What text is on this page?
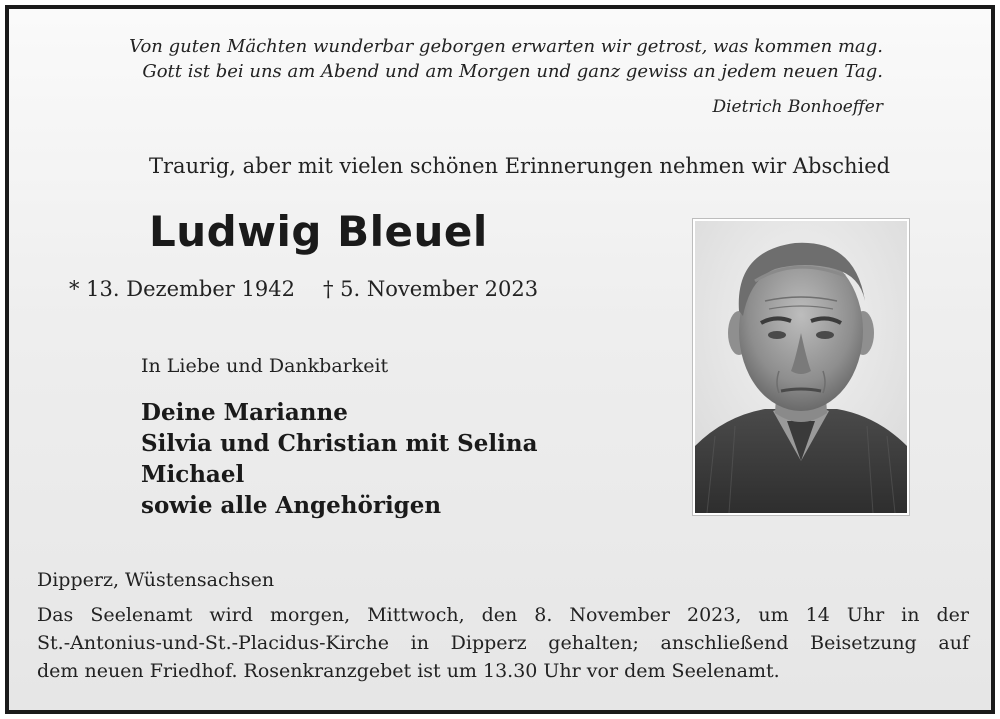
Von guten Mächten wunderbar geborgen erwarten wir getrost, was kommen mag.
Gott ist bei uns am Abend und am Morgen und ganz gewiss an jedem neuen Tag.
Dietrich Bonhoeffer
Traurig, aber mit vielen schönen Erinnerungen nehmen wir Abschied
Ludwig Bleuel
* 13. Dezember 1942 † 5. November 2023
In Liebe und Dankbarkeit
Deine Marianne
Silvia und Christian mit Selina
Michael
sowie alle Angehörigen
Dipperz, Wüstensachsen
Das Seelenamt wird morgen, Mittwoch, den 8. November 2023, um 14 Uhr in der
St.-Antonius-und-St.-Placidus-Kirche in Dipperz gehalten; anschließend Beisetzung auf
dem neuen Friedhof. Rosenkranzgebet ist um 13.30 Uhr vor dem Seelenamt.
